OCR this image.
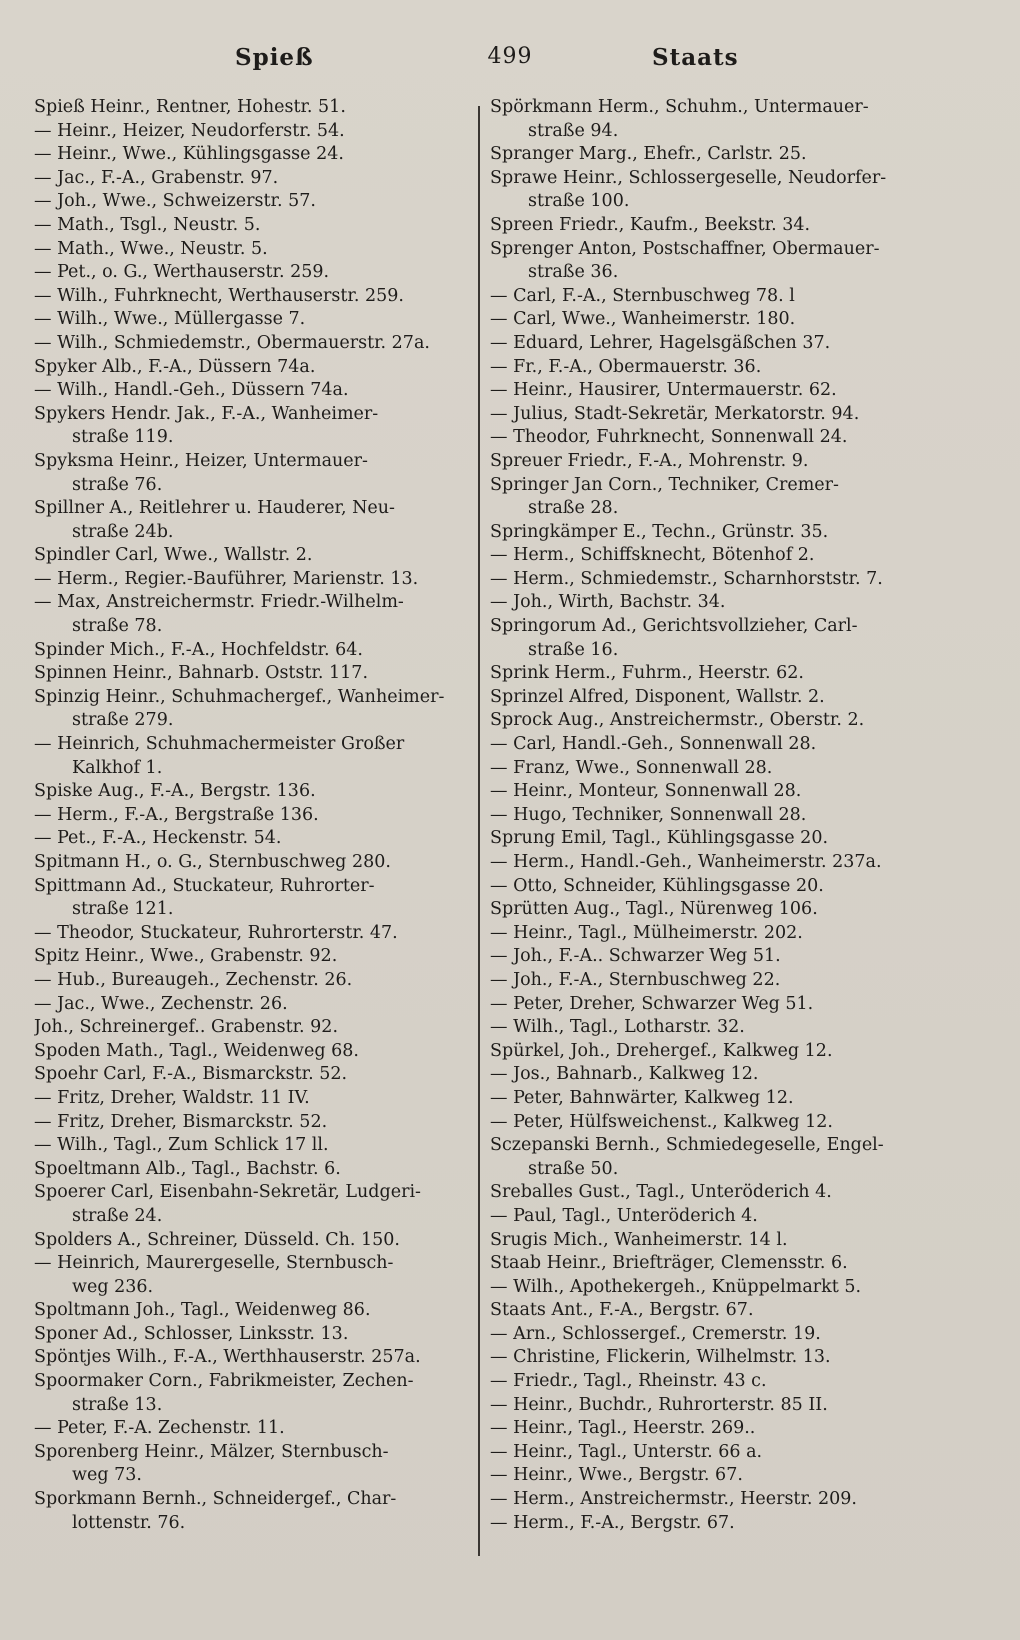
499
Spieß	Staats
Spieß Heinr., Rentner, Hohestr. 51.
— Heinr., Heizer, Neudorferstr. 54.
— Heinr., Wwe., Kühlingsgasse 24.
— Jac., F.-A., Grabenstr. 97.
— Joh., Wwe., Schweizerstr. 57.
— Math., Tsgl., Neustr. 5.
— Math., Wwe., Neustr. 5.
— Pet., o. G., Werthauserstr. 259.
— Wilh., Fuhrknecht, Werthauserstr. 259.
— Wilh., Wwe., Müllergasse 7.
— Wilh., Schmiedemstr., Obermauerstr. 27a.
Spyker Alb., F.-A., Düssern 74a.
— Wilh., Handl.-Geh., Düssern 74a.
Spykers Hendr. Jak., F.-A., Wanheimer-
straße 119.
Spyksma Heinr., Heizer, Untermauer-
straße 76.
Spillner A., Reitlehrer u. Hauderer, Neu-
straße 24b.
Spindler Carl, Wwe., Wallstr. 2.
— Herm., Regier.-Bauführer, Marienstr. 13.
— Max, Anstreichermstr. Friedr.-Wilhelm-
straße 78.
Spinder Mich., F.-A., Hochfeldstr. 64.
Spinnen Heinr., Bahnarb. Oststr. 117.
Spinzig Heinr., Schuhmachergef., Wanheimer-
straße 279.
— Heinrich, Schuhmachermeister Großer
Kalkhof 1.
Spiske Aug., F.-A., Bergstr. 136.
— Herm., F.-A., Bergstraße 136.
— Pet., F.-A., Heckenstr. 54.
Spitmann H., o. G., Sternbuschweg 280.
Spittmann Ad., Stuckateur, Ruhrorter-
straße 121.
— Theodor, Stuckateur, Ruhrorterstr. 47.
Spitz Heinr., Wwe., Grabenstr. 92.
— Hub., Bureaugeh., Zechenstr. 26.
— Jac., Wwe., Zechenstr. 26.
Joh., Schreinergef.. Grabenstr. 92.
Spoden Math., Tagl., Weidenweg 68.
Spoehr Carl, F.-A., Bismarckstr. 52.
— Fritz, Dreher, Waldstr. 11 IV.
— Fritz, Dreher, Bismarckstr. 52.
— Wilh., Tagl., Zum Schlick 17 ll.
Spoeltmann Alb., Tagl., Bachstr. 6.
Spoerer Carl, Eisenbahn-Sekretär, Ludgeri-
straße 24.
Spolders A., Schreiner, Düsseld. Ch. 150.
— Heinrich, Maurergeselle, Sternbusch-
weg 236.
Spoltmann Joh., Tagl., Weidenweg 86.
Sponer Ad., Schlosser, Linksstr. 13.
Spöntjes Wilh., F.-A., Werthhauserstr. 257a.
Spoormaker Corn., Fabrikmeister, Zechen-
straße 13.
— Peter, F.-A. Zechenstr. 11.
Sporenberg Heinr., Mälzer, Sternbusch-
weg 73.
Sporkmann Bernh., Schneidergef., Char-
lottenstr. 76.
Spörkmann Herm., Schuhm., Untermauer-
straße 94.
Spranger Marg., Ehefr., Carlstr. 25.
Sprawe Heinr., Schlossergeselle, Neudorfer-
straße 100.
Spreen Friedr., Kaufm., Beekstr. 34.
Sprenger Anton, Postschaffner, Obermauer-
straße 36.
— Carl, F.-A., Sternbuschweg 78. l
— Carl, Wwe., Wanheimerstr. 180.
— Eduard, Lehrer, Hagelsgäßchen 37.
— Fr., F.-A., Obermauerstr. 36.
— Heinr., Hausirer, Untermauerstr. 62.
— Julius, Stadt-Sekretär, Merkatorstr. 94.
— Theodor, Fuhrknecht, Sonnenwall 24.
Spreuer Friedr., F.-A., Mohrenstr. 9.
Springer Jan Corn., Techniker, Cremer-
straße 28.
Springkämper E., Techn., Grünstr. 35.
— Herm., Schiffsknecht, Bötenhof 2.
— Herm., Schmiedemstr., Scharnhorststr. 7.
— Joh., Wirth, Bachstr. 34.
Springorum Ad., Gerichtsvollzieher, Carl-
straße 16.
Sprink Herm., Fuhrm., Heerstr. 62.
Sprinzel Alfred, Disponent, Wallstr. 2.
Sprock Aug., Anstreichermstr., Oberstr. 2.
— Carl, Handl.-Geh., Sonnenwall 28.
— Franz, Wwe., Sonnenwall 28.
— Heinr., Monteur, Sonnenwall 28.
— Hugo, Techniker, Sonnenwall 28.
Sprung Emil, Tagl., Kühlingsgasse 20.
— Herm., Handl.-Geh., Wanheimerstr. 237a.
— Otto, Schneider, Kühlingsgasse 20.
Sprütten Aug., Tagl., Nürenweg 106.
— Heinr., Tagl., Mülheimerstr. 202.
— Joh., F.-A.. Schwarzer Weg 51.
— Joh., F.-A., Sternbuschweg 22.
— Peter, Dreher, Schwarzer Weg 51.
— Wilh., Tagl., Lotharstr. 32.
Spürkel, Joh., Drehergef., Kalkweg 12.
— Jos., Bahnarb., Kalkweg 12.
— Peter, Bahnwärter, Kalkweg 12.
— Peter, Hülfsweichenst., Kalkweg 12.
Sczepanski Bernh., Schmiedegeselle, Engel-
straße 50.
Sreballes Gust., Tagl., Unteröderich 4.
— Paul, Tagl., Unteröderich 4.
Srugis Mich., Wanheimerstr. 14 l.
Staab Heinr., Briefträger, Clemensstr. 6.
— Wilh., Apothekergeh., Knüppelmarkt 5.
Staats Ant., F.-A., Bergstr. 67.
— Arn., Schlossergef., Cremerstr. 19.
— Christine, Flickerin, Wilhelmstr. 13.
— Friedr., Tagl., Rheinstr. 43 c.
— Heinr., Buchdr., Ruhrorterstr. 85 II.
— Heinr., Tagl., Heerstr. 269..
— Heinr., Tagl., Unterstr. 66 a.
— Heinr., Wwe., Bergstr. 67.
— Herm., Anstreichermstr., Heerstr. 209.
— Herm., F.-A., Bergstr. 67.
